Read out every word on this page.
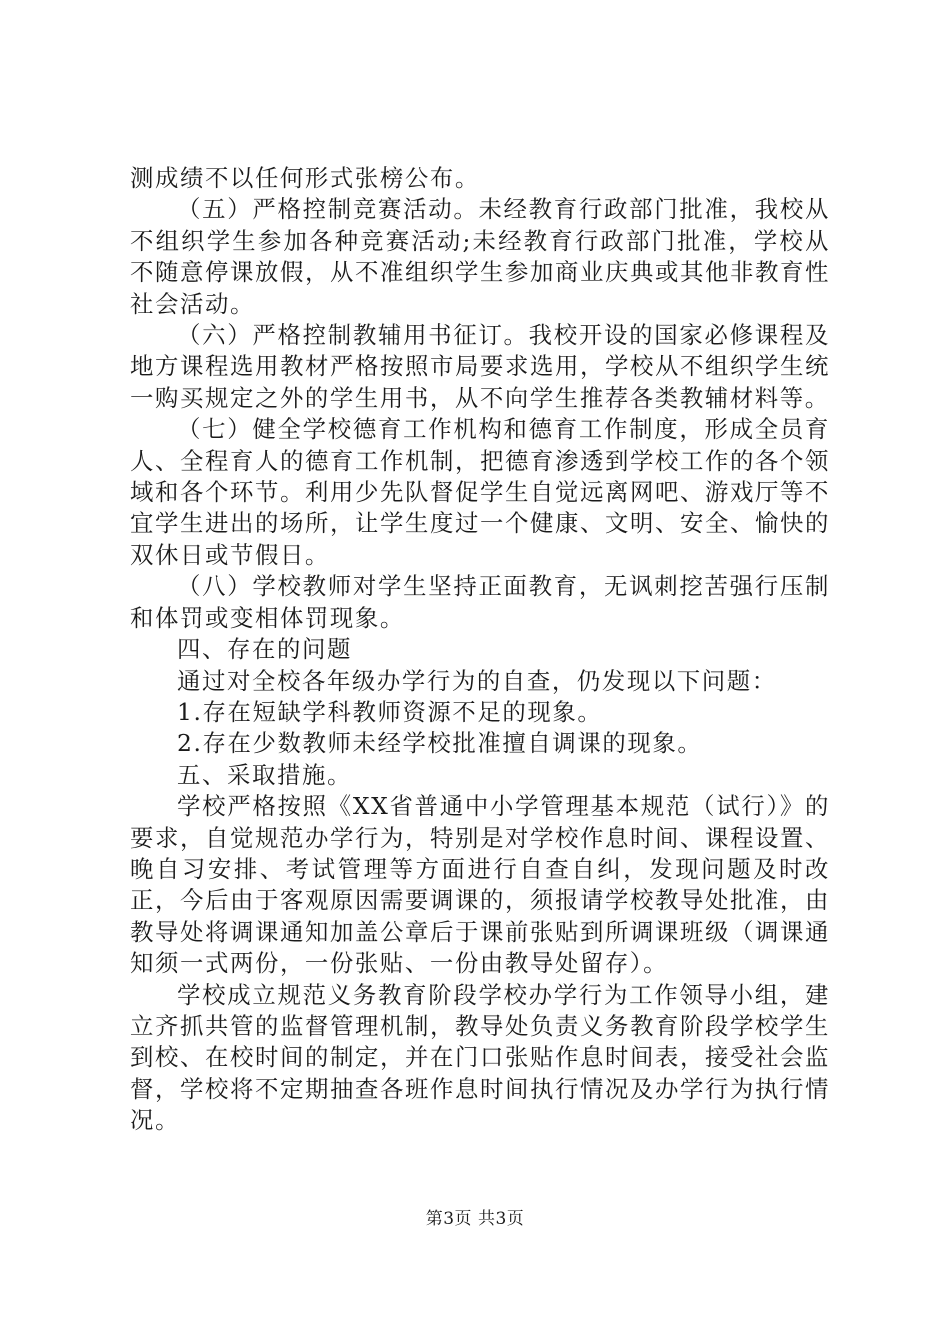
测成绩不以任何形式张榜公布。

（五）严格控制竞赛活动。未经教育行政部门批准，我校从不组织学生参加各种竞赛活动;未经教育行政部门批准，学校从不随意停课放假，从不准组织学生参加商业庆典或其他非教育性社会活动。

（六）严格控制教辅用书征订。我校开设的国家必修课程及地方课程选用教材严格按照市局要求选用，学校从不组织学生统一购买规定之外的学生用书，从不向学生推荐各类教辅材料等。

（七）健全学校德育工作机构和德育工作制度，形成全员育人、全程育人的德育工作机制，把德育渗透到学校工作的各个领域和各个环节。利用少先队督促学生自觉远离网吧、游戏厅等不宜学生进出的场所，让学生度过一个健康、文明、安全、愉快的双休日或节假日。

（八）学校教师对学生坚持正面教育，无讽刺挖苦强行压制和体罚或变相体罚现象。

四、存在的问题

通过对全校各年级办学行为的自查，仍发现以下问题：

1.存在短缺学科教师资源不足的现象。

2.存在少数教师未经学校批准擅自调课的现象。

五、采取措施。

学校严格按照《XX省普通中小学管理基本规范（试行）》的要求，自觉规范办学行为，特别是对学校作息时间、课程设置、晚自习安排、考试管理等方面进行自查自纠，发现问题及时改正，今后由于客观原因需要调课的，须报请学校教导处批准，由教导处将调课通知加盖公章后于课前张贴到所调课班级（调课通知须一式两份，一份张贴、一份由教导处留存）。

学校成立规范义务教育阶段学校办学行为工作领导小组，建立齐抓共管的监督管理机制，教导处负责义务教育阶段学校学生到校、在校时间的制定，并在门口张贴作息时间表，接受社会监督，学校将不定期抽查各班作息时间执行情况及办学行为执行情况。

第3页 共3页
